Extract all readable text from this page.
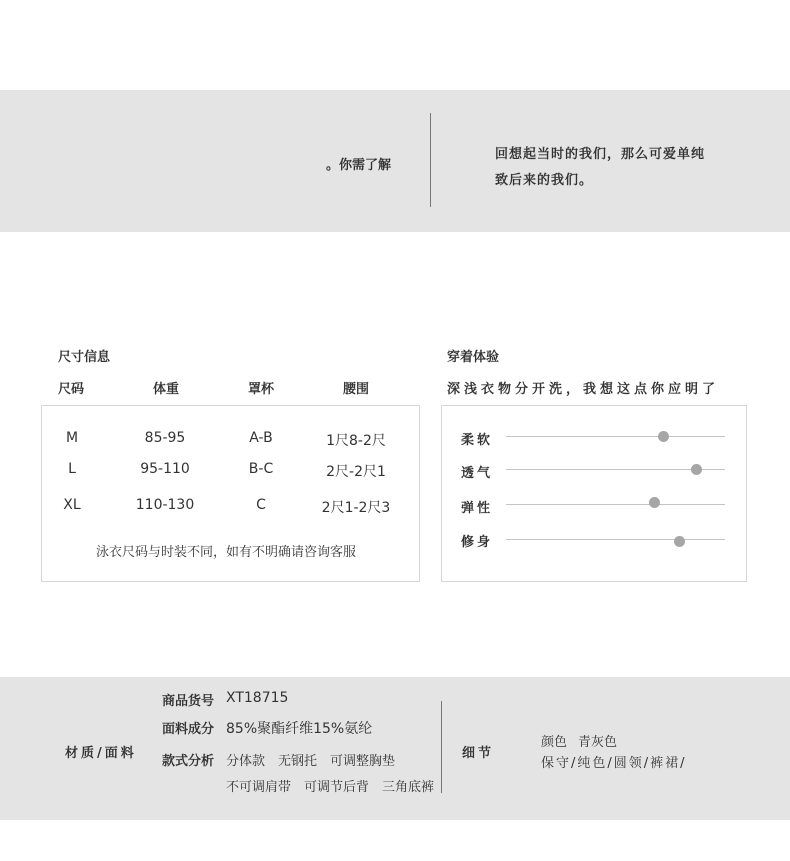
。你需了解
回想起当时的我们，那么可爱单纯
致后来的我们。
尺寸信息
尺码	体重	罩杯	腰围
M	85-95	A-B	1尺8-2尺
L	95-110	B-C	2尺-2尺1
XL	110-130	C	2尺1-2尺3
泳衣尺码与时装不同，如有不明确请咨询客服
穿着体验
深浅衣物分开洗，我想这点你应明了
柔软
透气
弹性
修身
材质/面料
商品货号 XT18715
面料成分 85%聚酯纤维15%氨纶
款式分析 分体款　无钢托　可调整胸垫
不可调肩带　可调节后背　三角底裤
细节
颜色 青灰色
保守/纯色/圆领/裤裙/
